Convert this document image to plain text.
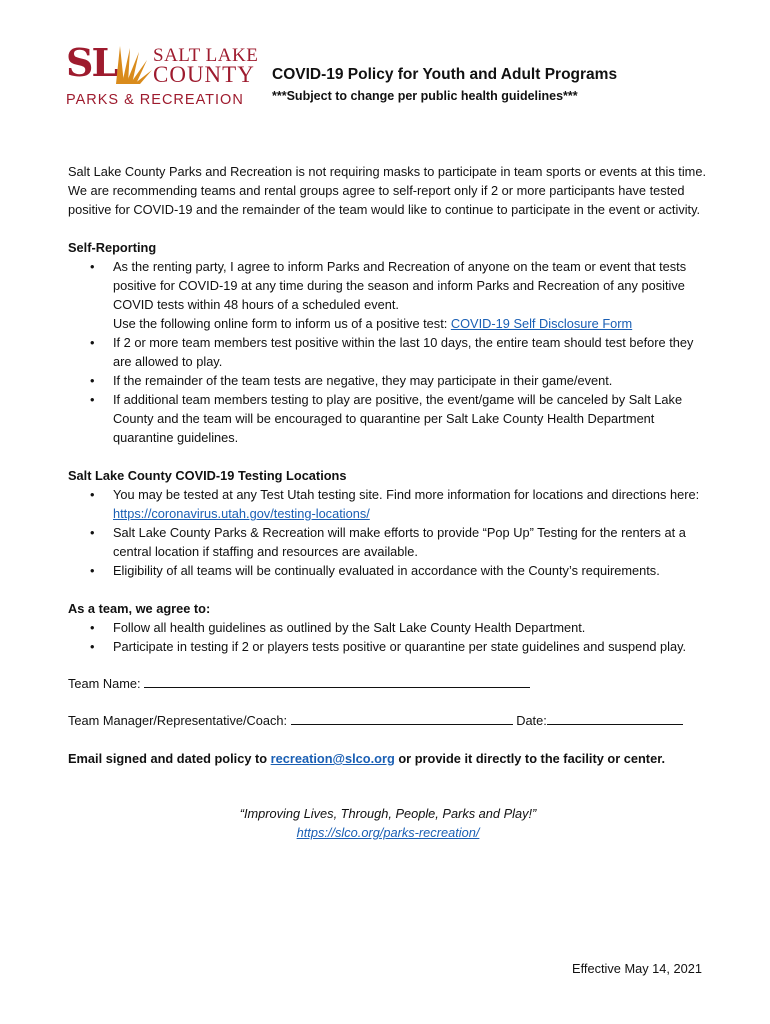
SL SALT LAKE
COUNTY
PARKS & RECREATION
COVID-19 Policy for Youth and Adult Programs
***Subject to change per public health guidelines***

Salt Lake County Parks and Recreation is not requiring masks to participate in team sports or events at this time. We are recommending teams and rental groups agree to self-report only if 2 or more participants have tested positive for COVID-19 and the remainder of the team would like to continue to participate in the event or activity.

Self-Reporting

• As the renting party, I agree to inform Parks and Recreation of anyone on the team or event that tests positive for COVID-19 at any time during the season and inform Parks and Recreation of any positive COVID tests within 48 hours of a scheduled event.
Use the following online form to inform us of a positive test: COVID-19 Self Disclosure Form
• If 2 or more team members test positive within the last 10 days, the entire team should test before they are allowed to play.
• If the remainder of the team tests are negative, they may participate in their game/event.
• If additional team members testing to play are positive, the event/game will be canceled by Salt Lake County and the team will be encouraged to quarantine per Salt Lake County Health Department quarantine guidelines.

Salt Lake County COVID-19 Testing Locations

• You may be tested at any Test Utah testing site. Find more information for locations and directions here: https://coronavirus.utah.gov/testing-locations/
• Salt Lake County Parks & Recreation will make efforts to provide “Pop Up” Testing for the renters at a central location if staffing and resources are available.
• Eligibility of all teams will be continually evaluated in accordance with the County’s requirements.

As a team, we agree to:

• Follow all health guidelines as outlined by the Salt Lake County Health Department.
• Participate in testing if 2 or players tests positive or quarantine per state guidelines and suspend play.
Team Name:
Team Manager/Representative/Coach:	Date:
Email signed and dated policy to recreation@slco.org or provide it directly to the facility or center.
“Improving Lives, Through, People, Parks and Play!”
https://slco.org/parks-recreation/
Effective May 14, 2021
